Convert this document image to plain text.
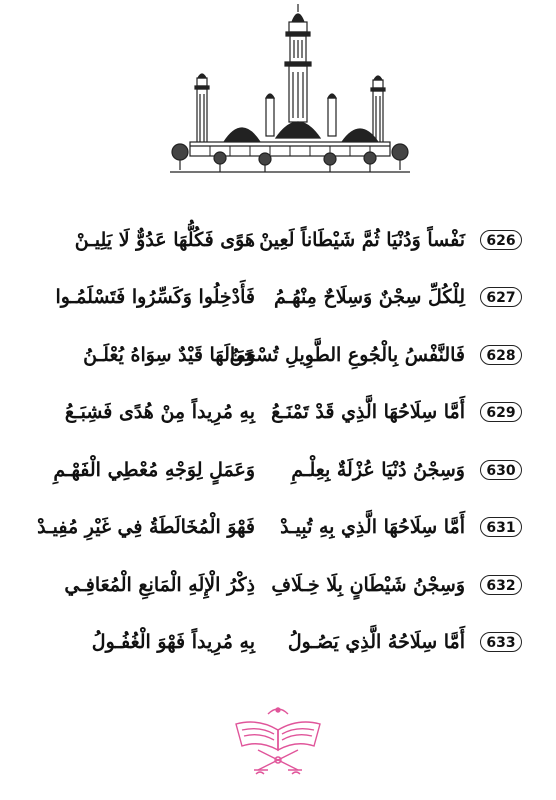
626
نَفْساً وَدُنْيَا ثُمَّ شَيْطَاناً لَعِينْ
هَوًى فَكُلُّهَا عَدُوٌّ لَا يَلِيـنْ
627
لِلْكُلِّ سِجْنٌ وَسِلَاحٌ مِنْهُـمُ
فَأَدْخِلُوا وَكَسِّرُوا فَتَسْلَمُـوا
628
فَالنَّفْسُ بِالْجُوعِ الطَّوِيلِ تُسْجَنُ
وَمَالَهَا قَيْدٌ سِوَاهُ يُعْلَـنُ
629
أَمَّا سِلَاحُهَا الَّذِي قَدْ تَمْنَـعُ
بِهِ مُرِيداً مِنْ هُدًى فَشِبَـعُ
630
وَسِجْنُ دُنْيَا عُزْلَةٌ بِعِلْـمِ
وَعَمَلٍ لِوَجْهِ مُعْطِي الْفَهْـمِ
631
أَمَّا سِلَاحُهَا الَّذِي بِهِ تُبِيـدْ
فَهْوَ الْمُخَالَطَةُ فِي غَيْرِ مُفِيـدْ
632
وَسِجْنُ شَيْطَانٍ بِلَا خِـلَافِ
ذِكْرُ الْإِلَهِ الْمَانِعِ الْمُعَافِـي
633
أَمَّا سِلَاحُهُ الَّذِي يَصُـولُ
بِهِ مُرِيداً فَهْوَ الْغُفُـولُ
